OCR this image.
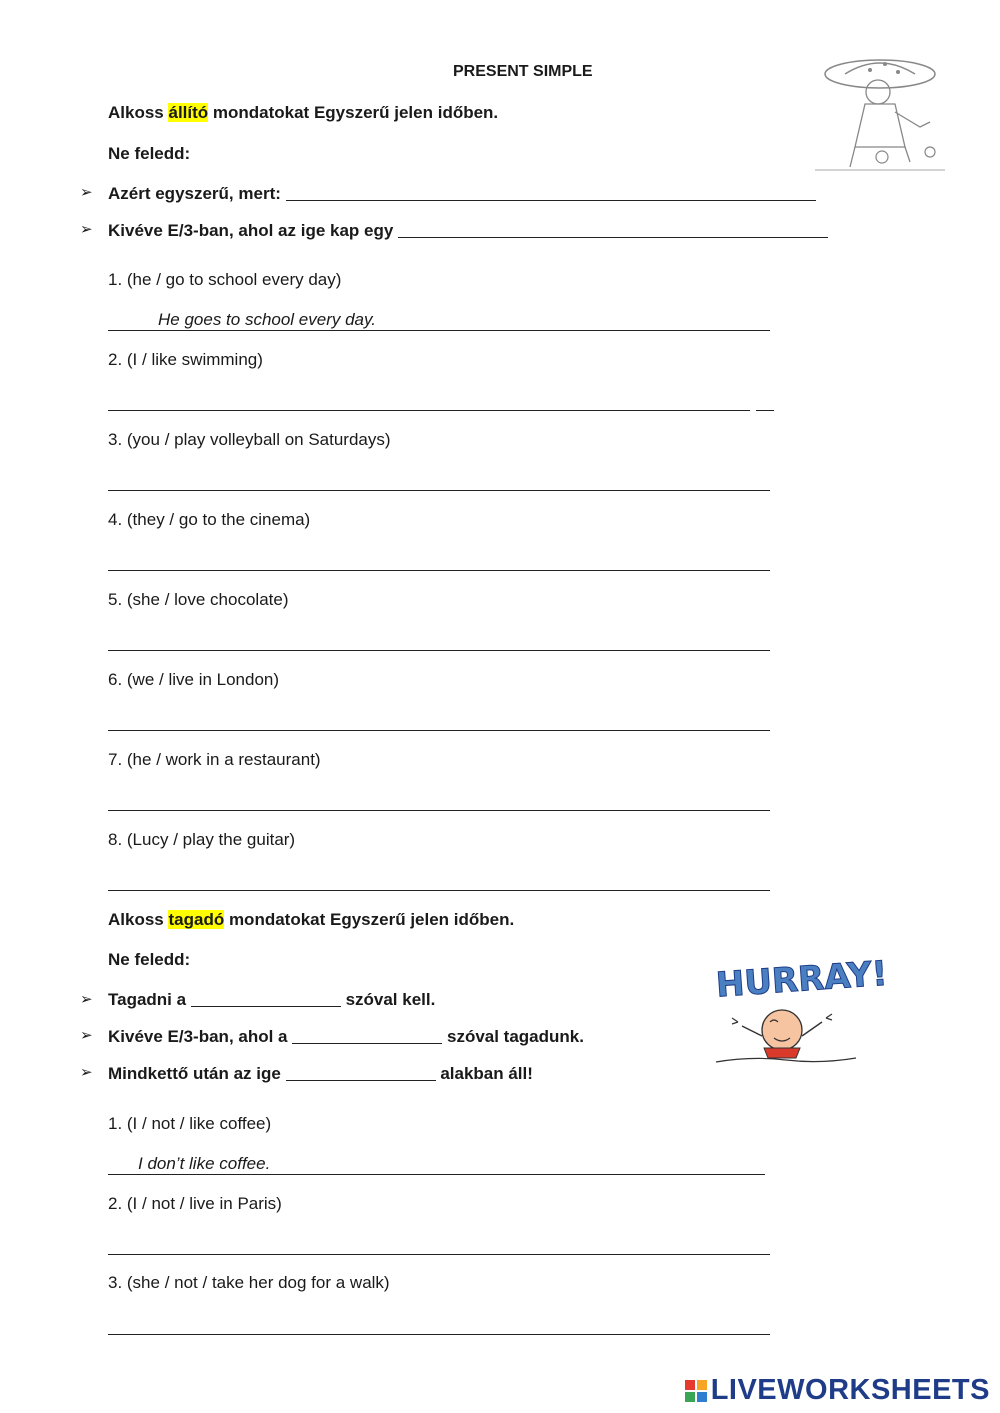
PRESENT SIMPLE
Alkoss állító mondatokat Egyszerű jelen időben.
Ne feledd:
➢ Azért egyszerű, mert:
➢ Kivéve E/3-ban, ahol az ige kap egy
1. (he / go to school every day)
He goes to school every day.
2. (I / like swimming)
3. (you / play volleyball on Saturdays)
4. (they / go to the cinema)
5. (she / love chocolate)
6. (we / live in London)
7. (he / work in a restaurant)
8. (Lucy / play the guitar)
Alkoss tagadó mondatokat Egyszerű jelen időben.
Ne feledd:	HURRAY!
➢ Tagadni a	szóval kell.
➢ Kivéve E/3-ban, ahol a	szóval tagadunk.
➢ Mindkettő után az ige	alakban áll!
1. (I / not / like coffee)
I don’t like coffee.
2. (I / not / live in Paris)
3. (she / not / take her dog for a walk)
LIVEWORKSHEETS
